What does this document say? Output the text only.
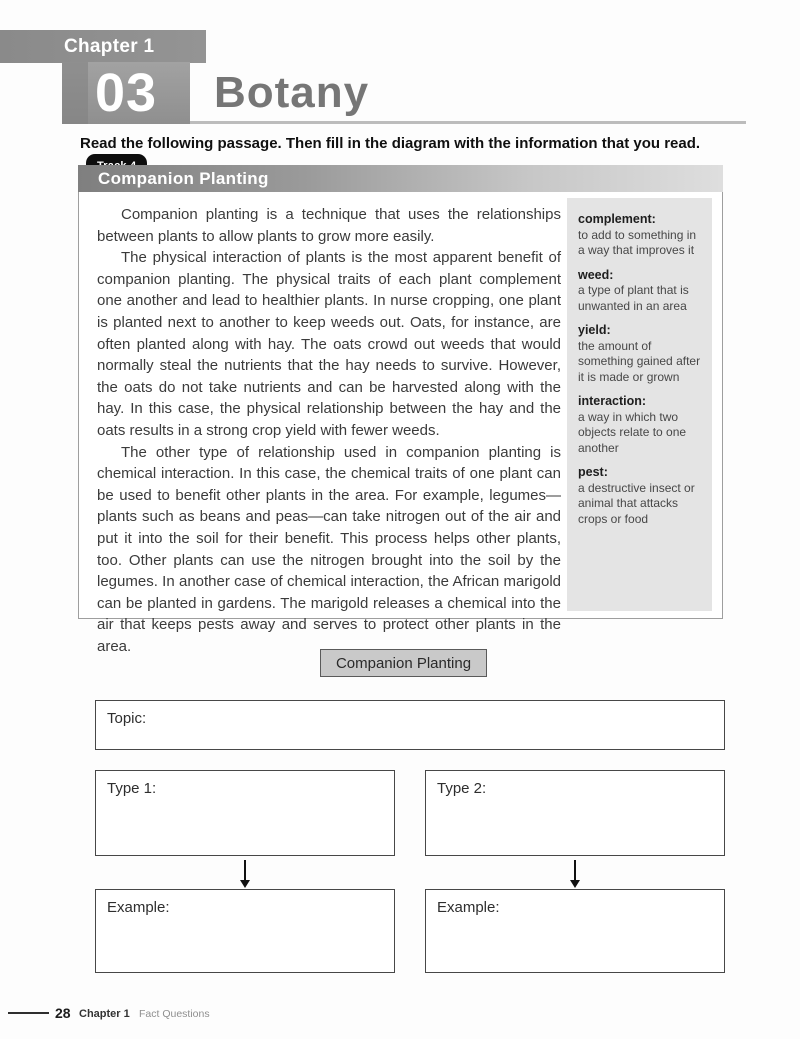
Chapter 1
03 Botany
Read the following passage. Then fill in the diagram with the information that you read.
Companion Planting

Companion planting is a technique that uses the relationships between plants to allow plants to grow more easily.

The physical interaction of plants is the most apparent benefit of companion planting. The physical traits of each plant complement one another and lead to healthier plants. In nurse cropping, one plant is planted next to another to keep weeds out. Oats, for instance, are often planted along with hay. The oats crowd out weeds that would normally steal the nutrients that the hay needs to survive. However, the oats do not take nutrients and can be harvested along with the hay. In this case, the physical relationship between the hay and the oats results in a strong crop yield with fewer weeds.

The other type of relationship used in companion planting is chemical interaction. In this case, the chemical traits of one plant can be used to benefit other plants in the area. For example, legumes—plants such as beans and peas—can take nitrogen out of the air and put it into the soil for their benefit. This process helps other plants, too. Other plants can use the nitrogen brought into the soil by the legumes. In another case of chemical interaction, the African marigold can be planted in gardens. The marigold releases a chemical into the air that keeps pests away and serves to protect other plants in the area.

complement:
to add to something in a way that improves it
weed:
a type of plant that is unwanted in an area
yield:
the amount of something gained after it is made or grown
interaction:
a way in which two objects relate to one another
pest:
a destructive insect or animal that attacks crops or food
Companion Planting
Topic:
Type 1:	Type 2:
Example:	Example:
28 Chapter 1 Fact Questions
